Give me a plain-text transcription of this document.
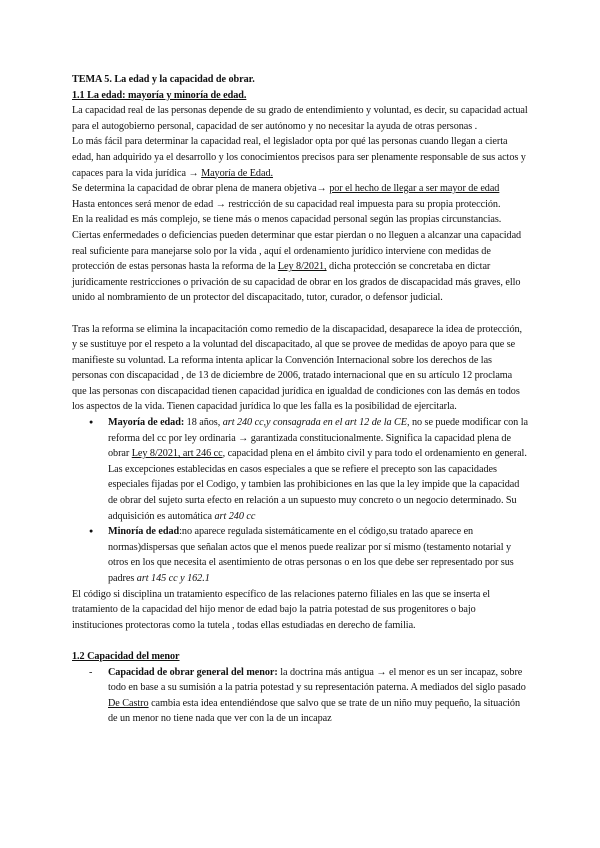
TEMA 5. La edad y la capacidad de obrar.

1.1 La edad: mayoría y minoría de edad.

La capacidad real de las personas depende de su grado de entendimiento y voluntad, es decir, su capacidad actual para el autogobierno personal, capacidad de ser autónomo y no necesitar la ayuda de otras personas .

Lo más fácil para determinar la capacidad real, el legislador opta por qué las personas cuando llegan a cierta edad, han adquirido ya el desarrollo y los conocimientos precisos para ser plenamente responsable de sus actos y capaces para la vida jurídica → Mayoría de Edad.

Se determina la capacidad de obrar plena de manera objetiva→ por el hecho de llegar a ser mayor de edad

Hasta entonces será menor de edad → restricción de su capacidad real impuesta para su propia protección.

En la realidad es más complejo, se tiene más o menos capacidad personal según las propias circunstancias. Ciertas enfermedades o deficiencias pueden determinar que estar pierdan o no lleguen a alcanzar una capacidad real suficiente para manejarse solo por la vida , aquí el ordenamiento jurídico interviene con medidas de protección de estas personas hasta la reforma de la Ley 8/2021, dicha protección se concretaba en dictar jurídicamente restricciones o privación de su capacidad de obrar en los grados de discapacidad más graves, ello unido al nombramiento de un protector del discapacitado, tutor, curador, o defensor judicial.

Tras la reforma se elimina la incapacitación como remedio de la discapacidad, desaparece la idea de protección, y se sustituye por el respeto a la voluntad del discapacitado, al que se provee de medidas de apoyo para que se manifieste su voluntad. La reforma intenta aplicar la Convención Internacional sobre los derechos de las personas con discapacidad , de 13 de diciembre de 2006, tratado internacional que en su artículo 12 proclama que las personas con discapacidad tienen capacidad jurídica en igualdad de condiciones con las demás en todos los aspectos de la vida. Tienen capacidad jurídica lo que les falla es la posibilidad de ejercitarla.

● Mayoría de edad: 18 años, art 240 cc,y consagrada en el art 12 de la CE, no se puede modificar con la reforma del cc por ley ordinaria → garantizada constitucionalmente. Significa la capacidad plena de obrar Ley 8/2021, art 246 cc, capacidad plena en el ámbito civil y para todo el ordenamiento en general.

Las excepciones establecidas en casos especiales a que se refiere el precepto son las capacidades especiales fijadas por el Codigo, y tambien las prohibiciones en las que la ley impide que la capacidad de obrar del sujeto surta efecto en relación a un supuesto muy concreto o un negocio determinado. Su adquisición es automática art 240 cc

● Minoría de edad:no aparece regulada sistemáticamente en el código,su tratado aparece en normas)dispersas que señalan actos que el menos puede realizar por sí mismo (testamento notarial y otros en los que necesita el asentimiento de otras personas o en los que debe ser representado por sus padres art 145 cc y 162.1

El código si disciplina un tratamiento específico de las relaciones paterno filiales en las que se inserta el tratamiento de la capacidad del hijo menor de edad bajo la patria potestad de sus progenitores o bajo instituciones protectoras como la tutela , todas ellas estudiadas en derecho de familia.

1.2 Capacidad del menor

- Capacidad de obrar general del menor: la doctrina más antigua → el menor es un ser incapaz, sobre todo en base a su sumisión a la patria potestad y su representación paterna. A mediados del siglo pasado De Castro cambia esta idea entendiéndose que salvo que se trate de un niño muy pequeño, la situación de un menor no tiene nada que ver con la de un incapaz
